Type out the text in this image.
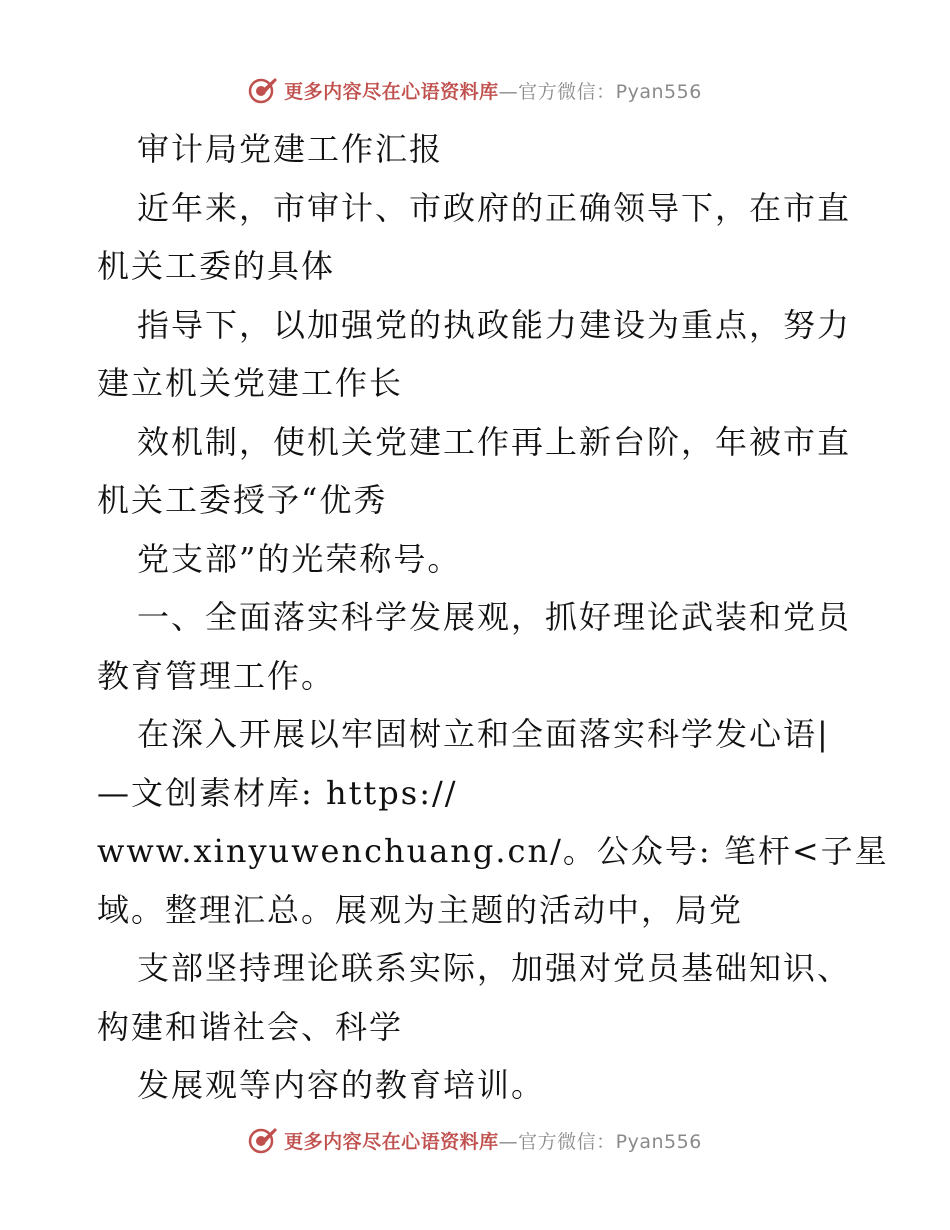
更多内容尽在心语资料库—官方微信：Pyan556
审计局党建工作汇报
近年来，市审计、市政府的正确领导下，在市直
机关工委的具体
指导下，以加强党的执政能力建设为重点，努力
建立机关党建工作长
效机制，使机关党建工作再上新台阶，年被市直
机关工委授予“优秀
党支部”的光荣称号。
一、全面落实科学发展观，抓好理论武装和党员
教育管理工作。
在深入开展以牢固树立和全面落实科学发心语|
—文创素材库: https://
www.xinyuwenchuang.cn/。公众号: 笔杆<子星
域。整理汇总。展观为主题的活动中，局党
支部坚持理论联系实际，加强对党员基础知识、
构建和谐社会、科学
发展观等内容的教育培训。
更多内容尽在心语资料库—官方微信：Pyan556
